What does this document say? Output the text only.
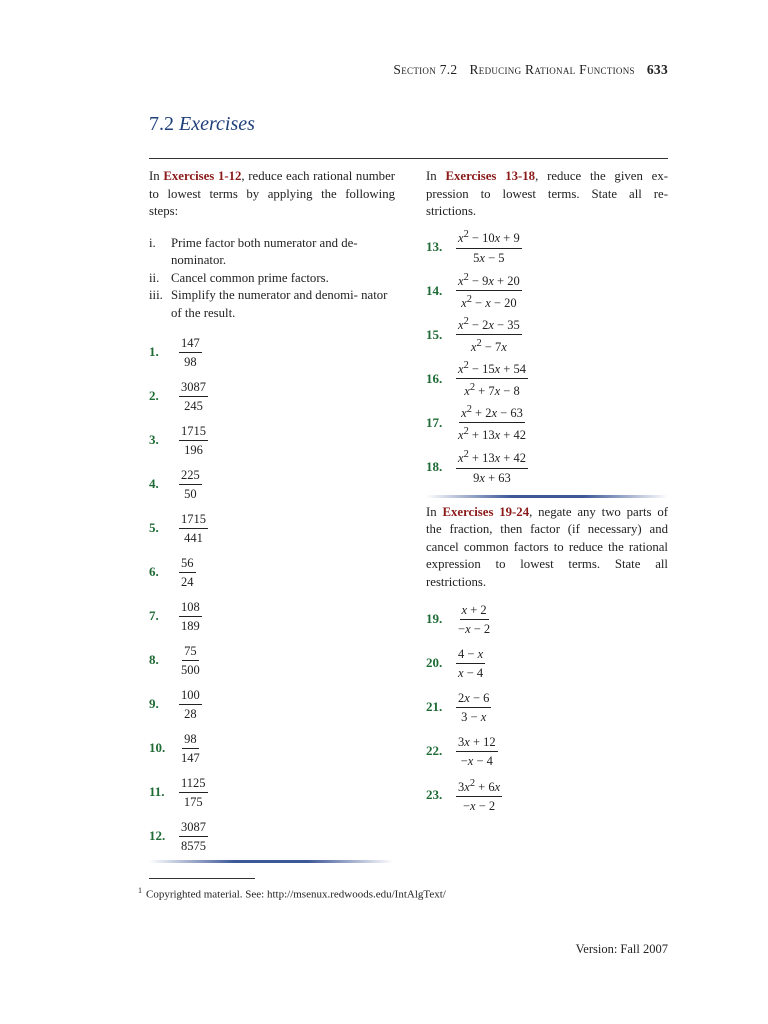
Section 7.2 Reducing Rational Functions 633
7.2 Exercises
In Exercises 1-12, reduce each rational number to lowest terms by applying the following steps:
i.	Prime factor both numerator and de- nominator.
ii. Cancel common prime factors.
iii. Simplify the numerator and denomi- nator of the result.
1.	$\frac{147}{98}$
2.	$\frac{3087}{245}$
3.	$\frac{1715}{196}$
4.	$\frac{225}{50}$
5.	$\frac{1715}{441}$
6.	$\frac{56}{24}$
7.	$\frac{108}{189}$
8.	$\frac{75}{500}$
9.	$\frac{100}{28}$
10.	$\frac{98}{147}$
11.	$\frac{1125}{175}$
12.	$\frac{3087}{8575}$
In Exercises 13-18, reduce the given ex- pression to lowest terms. State all re- strictions.
13.	$\frac{x^2 - 10x + 9}{5x - 5}$
14.	$\frac{x^2 - 9x + 20}{x^2 - x - 20}$
15.	$\frac{x^2 - 2x - 35}{x^2 - 7x}$
16.	$\frac{x^2 - 15x + 54}{x^2 + 7x - 8}$
17.	$\frac{x^2 + 2x - 63}{x^2 + 13x + 42}$
18.	$\frac{x^2 + 13x + 42}{9x + 63}$
In Exercises 19-24, negate any two parts of the fraction, then factor (if necessary) and cancel common factors to reduce the rational expression to lowest terms. State all restrictions.
19.	$\frac{x + 2}{-x - 2}$
20.	$\frac{4 - x}{x - 4}$
21.	$\frac{2x - 6}{3 - x}$
22.	$\frac{3x + 12}{-x - 4}$
23.	$\frac{3x^2 + 6x}{-x - 2}$
$^1$ Copyrighted material. See: http://msenux.redwoods.edu/IntAlgText/
Version: Fall 2007
